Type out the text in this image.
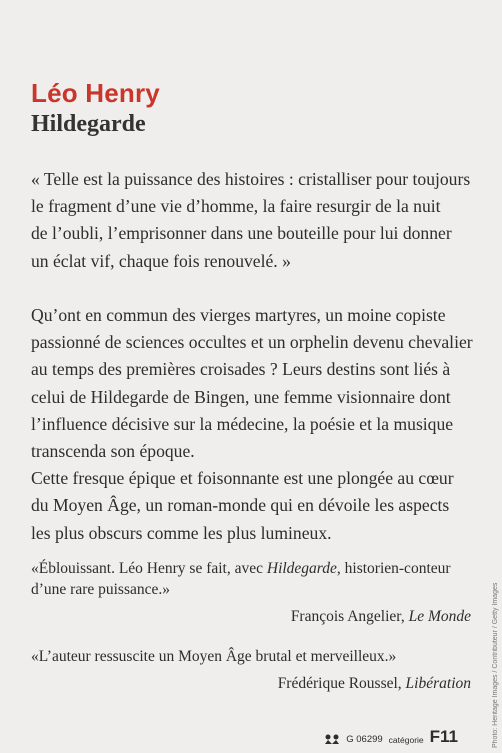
Léo Henry
Hildegarde
« Telle est la puissance des histoires : cristalliser pour toujours
le fragment d’une vie d’homme, la faire resurgir de la nuit
de l’oubli, l’emprisonner dans une bouteille pour lui donner
un éclat vif, chaque fois renouvelé. »
Qu’ont en commun des vierges martyres, un moine copiste
passionné de sciences occultes et un orphelin devenu chevalier
au temps des premières croisades ? Leurs destins sont liés à
celui de Hildegarde de Bingen, une femme visionnaire dont
l’influence décisive sur la médecine, la poésie et la musique
transcenda son époque.
Cette fresque épique et foisonnante est une plongée au cœur
du Moyen Âge, un roman-monde qui en dévoile les aspects
les plus obscurs comme les plus lumineux.
«Éblouissant. Léo Henry se fait, avec Hildegarde, historien-conteur
d’une rare puissance.»
François Angelier, Le Monde
«L’auteur ressuscite un Moyen Âge brutal et merveilleux.»
Frédérique Roussel, Libération	Photo: Heritage Images / Contributeur / Getty Images
G 06299 catégorie F11
